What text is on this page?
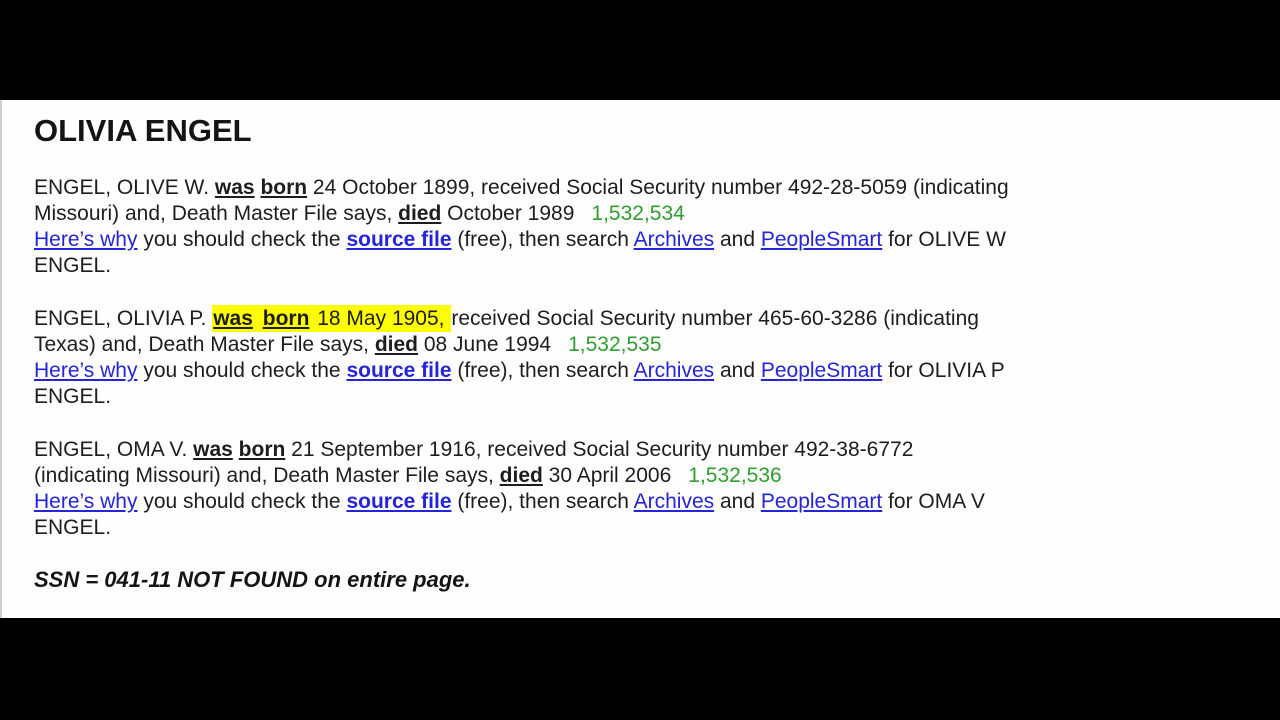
OLIVIA ENGEL

ENGEL, OLIVE W. was born 24 October 1899, received Social Security number 492-28-5059 (indicating
Missouri) and, Death Master File says, died October 1989 1,532,534
Here’s why you should check the source file (free), then search Archives and PeopleSmart for OLIVE W
ENGEL.

ENGEL, OLIVIA P. was born 18 May 1905, received Social Security number 465-60-3286 (indicating
Texas) and, Death Master File says, died 08 June 1994 1,532,535
Here’s why you should check the source file (free), then search Archives and PeopleSmart for OLIVIA P
ENGEL.

ENGEL, OMA V. was born 21 September 1916, received Social Security number 492-38-6772
(indicating Missouri) and, Death Master File says, died 30 April 2006 1,532,536
Here’s why you should check the source file (free), then search Archives and PeopleSmart for OMA V
ENGEL.

SSN = 041-11 NOT FOUND on entire page.
